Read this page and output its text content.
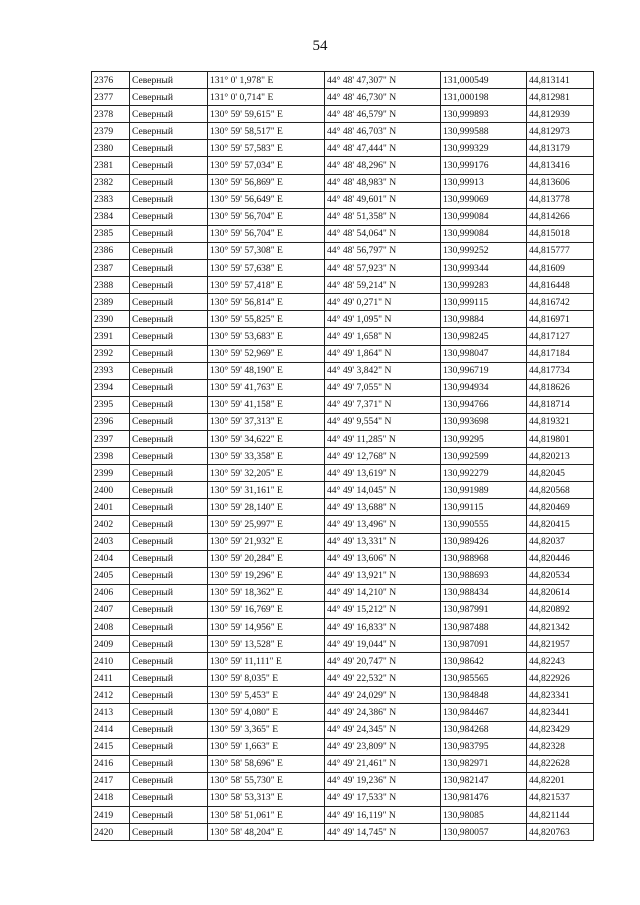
54
2376	Северный	131° 0' 1,978" E	44° 48' 47,307" N	131,000549	44,813141
2377	Северный	131° 0' 0,714" E	44° 48' 46,730" N	131,000198	44,812981
2378	Северный	130° 59' 59,615" E	44° 48' 46,579" N	130,999893	44,812939
2379	Северный	130° 59' 58,517" E	44° 48' 46,703" N	130,999588	44,812973
2380	Северный	130° 59' 57,583" E	44° 48' 47,444" N	130,999329	44,813179
2381	Северный	130° 59' 57,034" E	44° 48' 48,296" N	130,999176	44,813416
2382	Северный	130° 59' 56,869" E	44° 48' 48,983" N	130,99913	44,813606
2383	Северный	130° 59' 56,649" E	44° 48' 49,601" N	130,999069	44,813778
2384	Северный	130° 59' 56,704" E	44° 48' 51,358" N	130,999084	44,814266
2385	Северный	130° 59' 56,704" E	44° 48' 54,064" N	130,999084	44,815018
2386	Северный	130° 59' 57,308" E	44° 48' 56,797" N	130,999252	44,815777
2387	Северный	130° 59' 57,638" E	44° 48' 57,923" N	130,999344	44,81609
2388	Северный	130° 59' 57,418" E	44° 48' 59,214" N	130,999283	44,816448
2389	Северный	130° 59' 56,814" E	44° 49' 0,271" N	130,999115	44,816742
2390	Северный	130° 59' 55,825" E	44° 49' 1,095" N	130,99884	44,816971
2391	Северный	130° 59' 53,683" E	44° 49' 1,658" N	130,998245	44,817127
2392	Северный	130° 59' 52,969" E	44° 49' 1,864" N	130,998047	44,817184
2393	Северный	130° 59' 48,190" E	44° 49' 3,842" N	130,996719	44,817734
2394	Северный	130° 59' 41,763" E	44° 49' 7,055" N	130,994934	44,818626
2395	Северный	130° 59' 41,158" E	44° 49' 7,371" N	130,994766	44,818714
2396	Северный	130° 59' 37,313" E	44° 49' 9,554" N	130,993698	44,819321
2397	Северный	130° 59' 34,622" E	44° 49' 11,285" N	130,99295	44,819801
2398	Северный	130° 59' 33,358" E	44° 49' 12,768" N	130,992599	44,820213
2399	Северный	130° 59' 32,205" E	44° 49' 13,619" N	130,992279	44,82045
2400	Северный	130° 59' 31,161" E	44° 49' 14,045" N	130,991989	44,820568
2401	Северный	130° 59' 28,140" E	44° 49' 13,688" N	130,99115	44,820469
2402	Северный	130° 59' 25,997" E	44° 49' 13,496" N	130,990555	44,820415
2403	Северный	130° 59' 21,932" E	44° 49' 13,331" N	130,989426	44,82037
2404	Северный	130° 59' 20,284" E	44° 49' 13,606" N	130,988968	44,820446
2405	Северный	130° 59' 19,296" E	44° 49' 13,921" N	130,988693	44,820534
2406	Северный	130° 59' 18,362" E	44° 49' 14,210" N	130,988434	44,820614
2407	Северный	130° 59' 16,769" E	44° 49' 15,212" N	130,987991	44,820892
2408	Северный	130° 59' 14,956" E	44° 49' 16,833" N	130,987488	44,821342
2409	Северный	130° 59' 13,528" E	44° 49' 19,044" N	130,987091	44,821957
2410	Северный	130° 59' 11,111" E	44° 49' 20,747" N	130,98642	44,82243
2411	Северный	130° 59' 8,035" E	44° 49' 22,532" N	130,985565	44,822926
2412	Северный	130° 59' 5,453" E	44° 49' 24,029" N	130,984848	44,823341
2413	Северный	130° 59' 4,080" E	44° 49' 24,386" N	130,984467	44,823441
2414	Северный	130° 59' 3,365" E	44° 49' 24,345" N	130,984268	44,823429
2415	Северный	130° 59' 1,663" E	44° 49' 23,809" N	130,983795	44,82328
2416	Северный	130° 58' 58,696" E	44° 49' 21,461" N	130,982971	44,822628
2417	Северный	130° 58' 55,730" E	44° 49' 19,236" N	130,982147	44,82201
2418	Северный	130° 58' 53,313" E	44° 49' 17,533" N	130,981476	44,821537
2419	Северный	130° 58' 51,061" E	44° 49' 16,119" N	130,98085	44,821144
2420	Северный	130° 58' 48,204" E	44° 49' 14,745" N	130,980057	44,820763
